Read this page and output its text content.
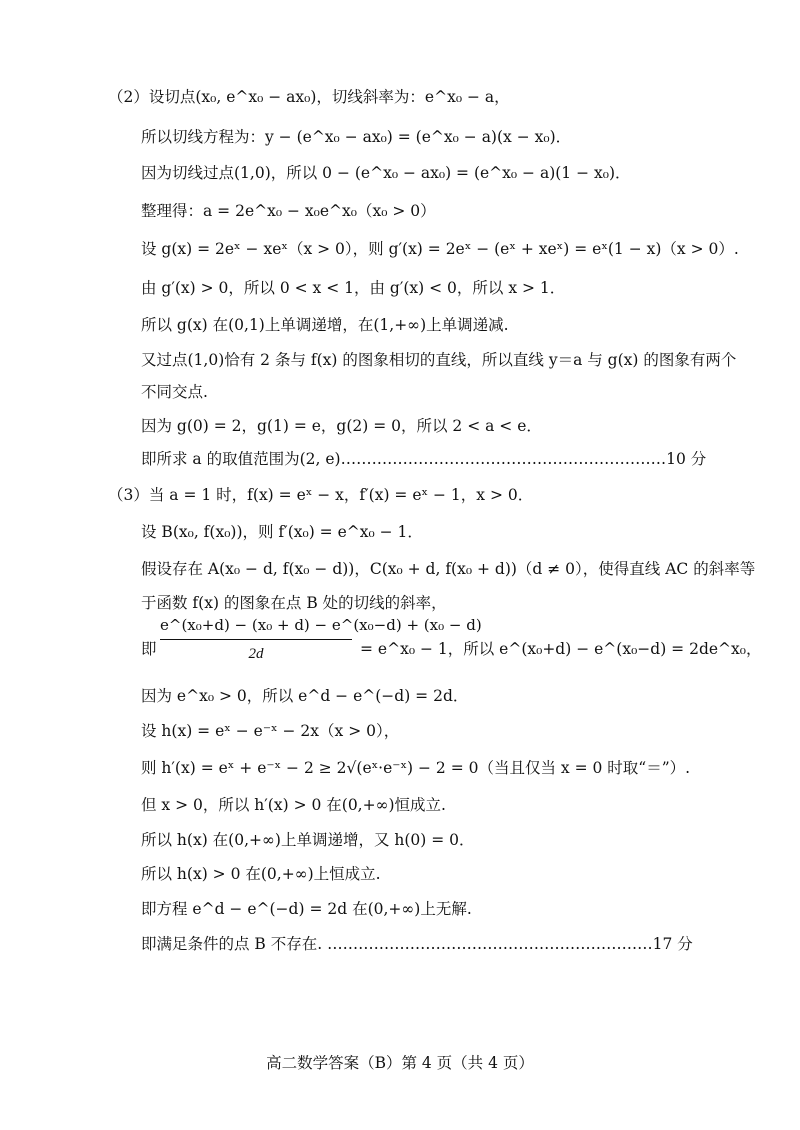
（2）设切点(x₀, e^x₀ − ax₀)，切线斜率为：e^x₀ − a，
所以切线方程为：y − (e^x₀ − ax₀) = (e^x₀ − a)(x − x₀)．
因为切线过点(1,0)，所以 0 − (e^x₀ − ax₀) = (e^x₀ − a)(1 − x₀)．
整理得：a = 2e^x₀ − x₀e^x₀（x₀ > 0）
设 g(x) = 2eˣ − xeˣ（x > 0），则 g′(x) = 2eˣ − (eˣ + xeˣ) = eˣ(1 − x)（x > 0）.
由 g′(x) > 0，所以 0 < x < 1，由 g′(x) < 0，所以 x > 1．
所以 g(x) 在(0,1)上单调递增，在(1,+∞)上单调递减.
又过点(1,0)恰有 2 条与 f(x) 的图象相切的直线，所以直线 y＝a 与 g(x) 的图象有两个
不同交点.
因为 g(0) = 2，g(1) = e，g(2) = 0，所以 2 < a < e．
即所求 a 的取值范围为(2, e)………………………………………………………10 分
（3）当 a = 1 时，f(x) = eˣ − x，f′(x) = eˣ − 1，x > 0．
设 B(x₀, f(x₀))，则 f′(x₀) = e^x₀ − 1．
假设存在 A(x₀ − d, f(x₀ − d))，C(x₀ + d, f(x₀ + d))（d ≠ 0），使得直线 AC 的斜率等
于函数 f(x) 的图象在点 B 处的切线的斜率，
即 $\frac{\text{e\textasciicircum{}(x₀+d) − (x₀ + d) − e\textasciicircum{}(x₀−d) + (x₀ − d)}}{2d}$ = e^x₀ − 1，所以 e^(x₀+d) − e^(x₀−d) = 2de^x₀，
因为 e^x₀ > 0，所以 e^d − e^(−d) = 2d．
设 h(x) = eˣ − e⁻ˣ − 2x（x > 0），
则 h′(x) = eˣ + e⁻ˣ − 2 ≥ 2√(eˣ·e⁻ˣ) − 2 = 0（当且仅当 x = 0 时取“＝”）.
但 x > 0，所以 h′(x) > 0 在(0,+∞)恒成立.
所以 h(x) 在(0,+∞)上单调递增，又 h(0) = 0．
所以 h(x) > 0 在(0,+∞)上恒成立.
即方程 e^d − e^(−d) = 2d 在(0,+∞)上无解.
即满足条件的点 B 不存在. ………………………………………………………17 分
高二数学答案（B）第 4 页（共 4 页）
